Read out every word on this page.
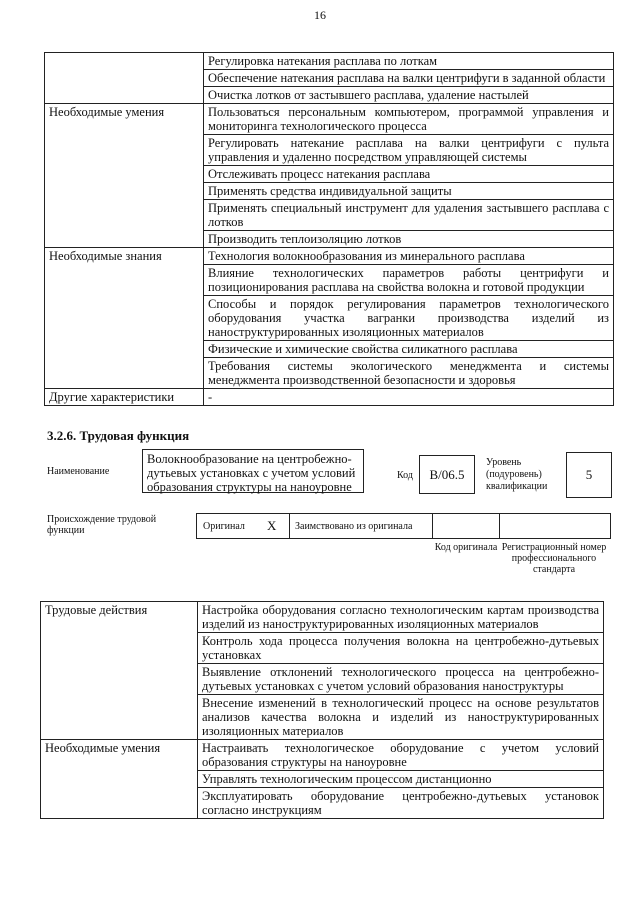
16
	Регулировка натекания расплава по лоткам
	Обеспечение натекания расплава на валки центрифуги в заданной области
	Очистка лотков от застывшего расплава, удаление настылей
Необходимые умения	Пользоваться персональным компьютером, программой управления и мониторинга технологического процесса
	Регулировать натекание расплава на валки центрифуги с пульта управления и удаленно посредством управляющей системы
	Отслеживать процесс натекания расплава
	Применять средства индивидуальной защиты
	Применять специальный инструмент для удаления застывшего расплава с лотков
	Производить теплоизоляцию лотков
Необходимые знания	Технология волокнообразования из минерального расплава
	Влияние технологических параметров работы центрифуги и позиционирования расплава на свойства волокна и готовой продукции
	Способы и порядок регулирования параметров технологического оборудования участка вагранки производства изделий из наноструктурированных изоляционных материалов
	Физические и химические свойства силикатного расплава
	Требования системы экологического менеджмента и системы менеджмента производственной безопасности и здоровья
Другие характеристики	-
3.2.6. Трудовая функция
Наименование
Волокнообразование на центробежно-дутьевых установках с учетом условий образования структуры на наноуровне
Код	B/06.5
Уровень (подуровень) квалификации
5
Происхождение трудовой функции	Оригинал X Заимствовано из оригинала
Код оригинала Регистрационный номер профессионального стандарта
Трудовые действия	Настройка оборудования согласно технологическим картам производства изделий из наноструктурированных изоляционных материалов
	Контроль хода процесса получения волокна на центробежно-дутьевых установках
	Выявление отклонений технологического процесса на центробежно-дутьевых установках с учетом условий образования наноструктуры
	Внесение изменений в технологический процесс на основе результатов анализов качества волокна и изделий из наноструктурированных изоляционных материалов
Необходимые умения	Настраивать технологическое оборудование с учетом условий образования структуры на наноуровне
	Управлять технологическим процессом дистанционно
	Эксплуатировать оборудование центробежно-дутьевых установок согласно инструкциям
